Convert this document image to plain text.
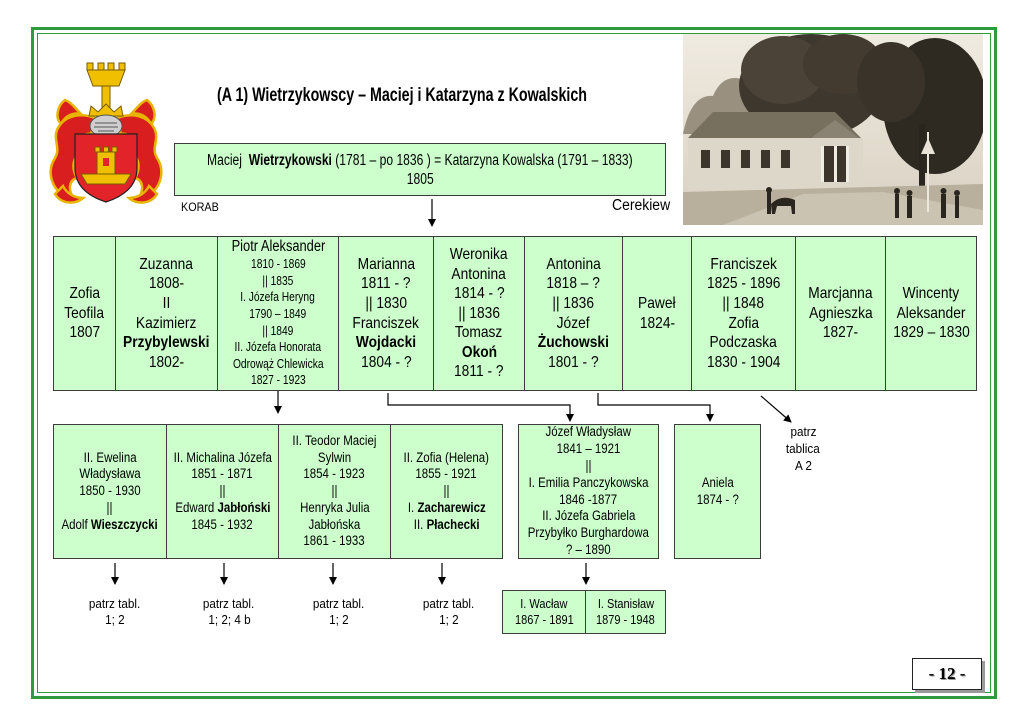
(A 1) Wietrzykowscy – Maciej i Katarzyna z Kowalskich
Maciej Wietrzykowski (1781 – po 1836 ) = Katarzyna Kowalska (1791 – 1833)
1805
KORAB	Cerekiew
Zofia
Teofila
1807
Zuzanna
1808-
II
Kazimierz
Przybylewski
1802-
Piotr Aleksander
1810 - 1869
|| 1835
I. Józefa Heryng
1790 – 1849
|| 1849
II. Józefa Honorata
Odrowąż Chlewicka
1827 - 1923
Marianna
1811 - ?
|| 1830
Franciszek
Wojdacki
1804 - ?
Weronika
Antonina
1814 - ?
|| 1836
Tomasz
Okoń
1811 - ?
Antonina
1818 – ?
|| 1836
Józef
Żuchowski
1801 - ?
Paweł
1824-
Franciszek
1825 - 1896
|| 1848
Zofia
Podczaska
1830 - 1904
Marcjanna
Agnieszka
1827-
Wincenty
Aleksander
1829 – 1830
II. Ewelina
Władysława
1850 - 1930
||
Adolf Wieszczycki
II. Michalina Józefa
1851 - 1871
||
Edward Jabłoński
1845 - 1932
II. Teodor Maciej
Sylwin
1854 - 1923
||
Henryka Julia
Jabłońska
1861 - 1933
II. Zofia (Helena)
1855 - 1921
||
I. Zacharewicz
II. Płachecki
Józef Władysław
1841 – 1921
||
I. Emilia Panczykowska
1846 -1877
II. Józefa Gabriela
Przybyłko Burghardowa
? – 1890
Aniela
1874 - ?
patrz
tablica
A 2
patrz tabl.
1; 2
patrz tabl.
1; 2; 4 b
patrz tabl.
1; 2
patrz tabl.
1; 2
I. Wacław
1867 - 1891
I. Stanisław
1879 - 1948
- 12 -
